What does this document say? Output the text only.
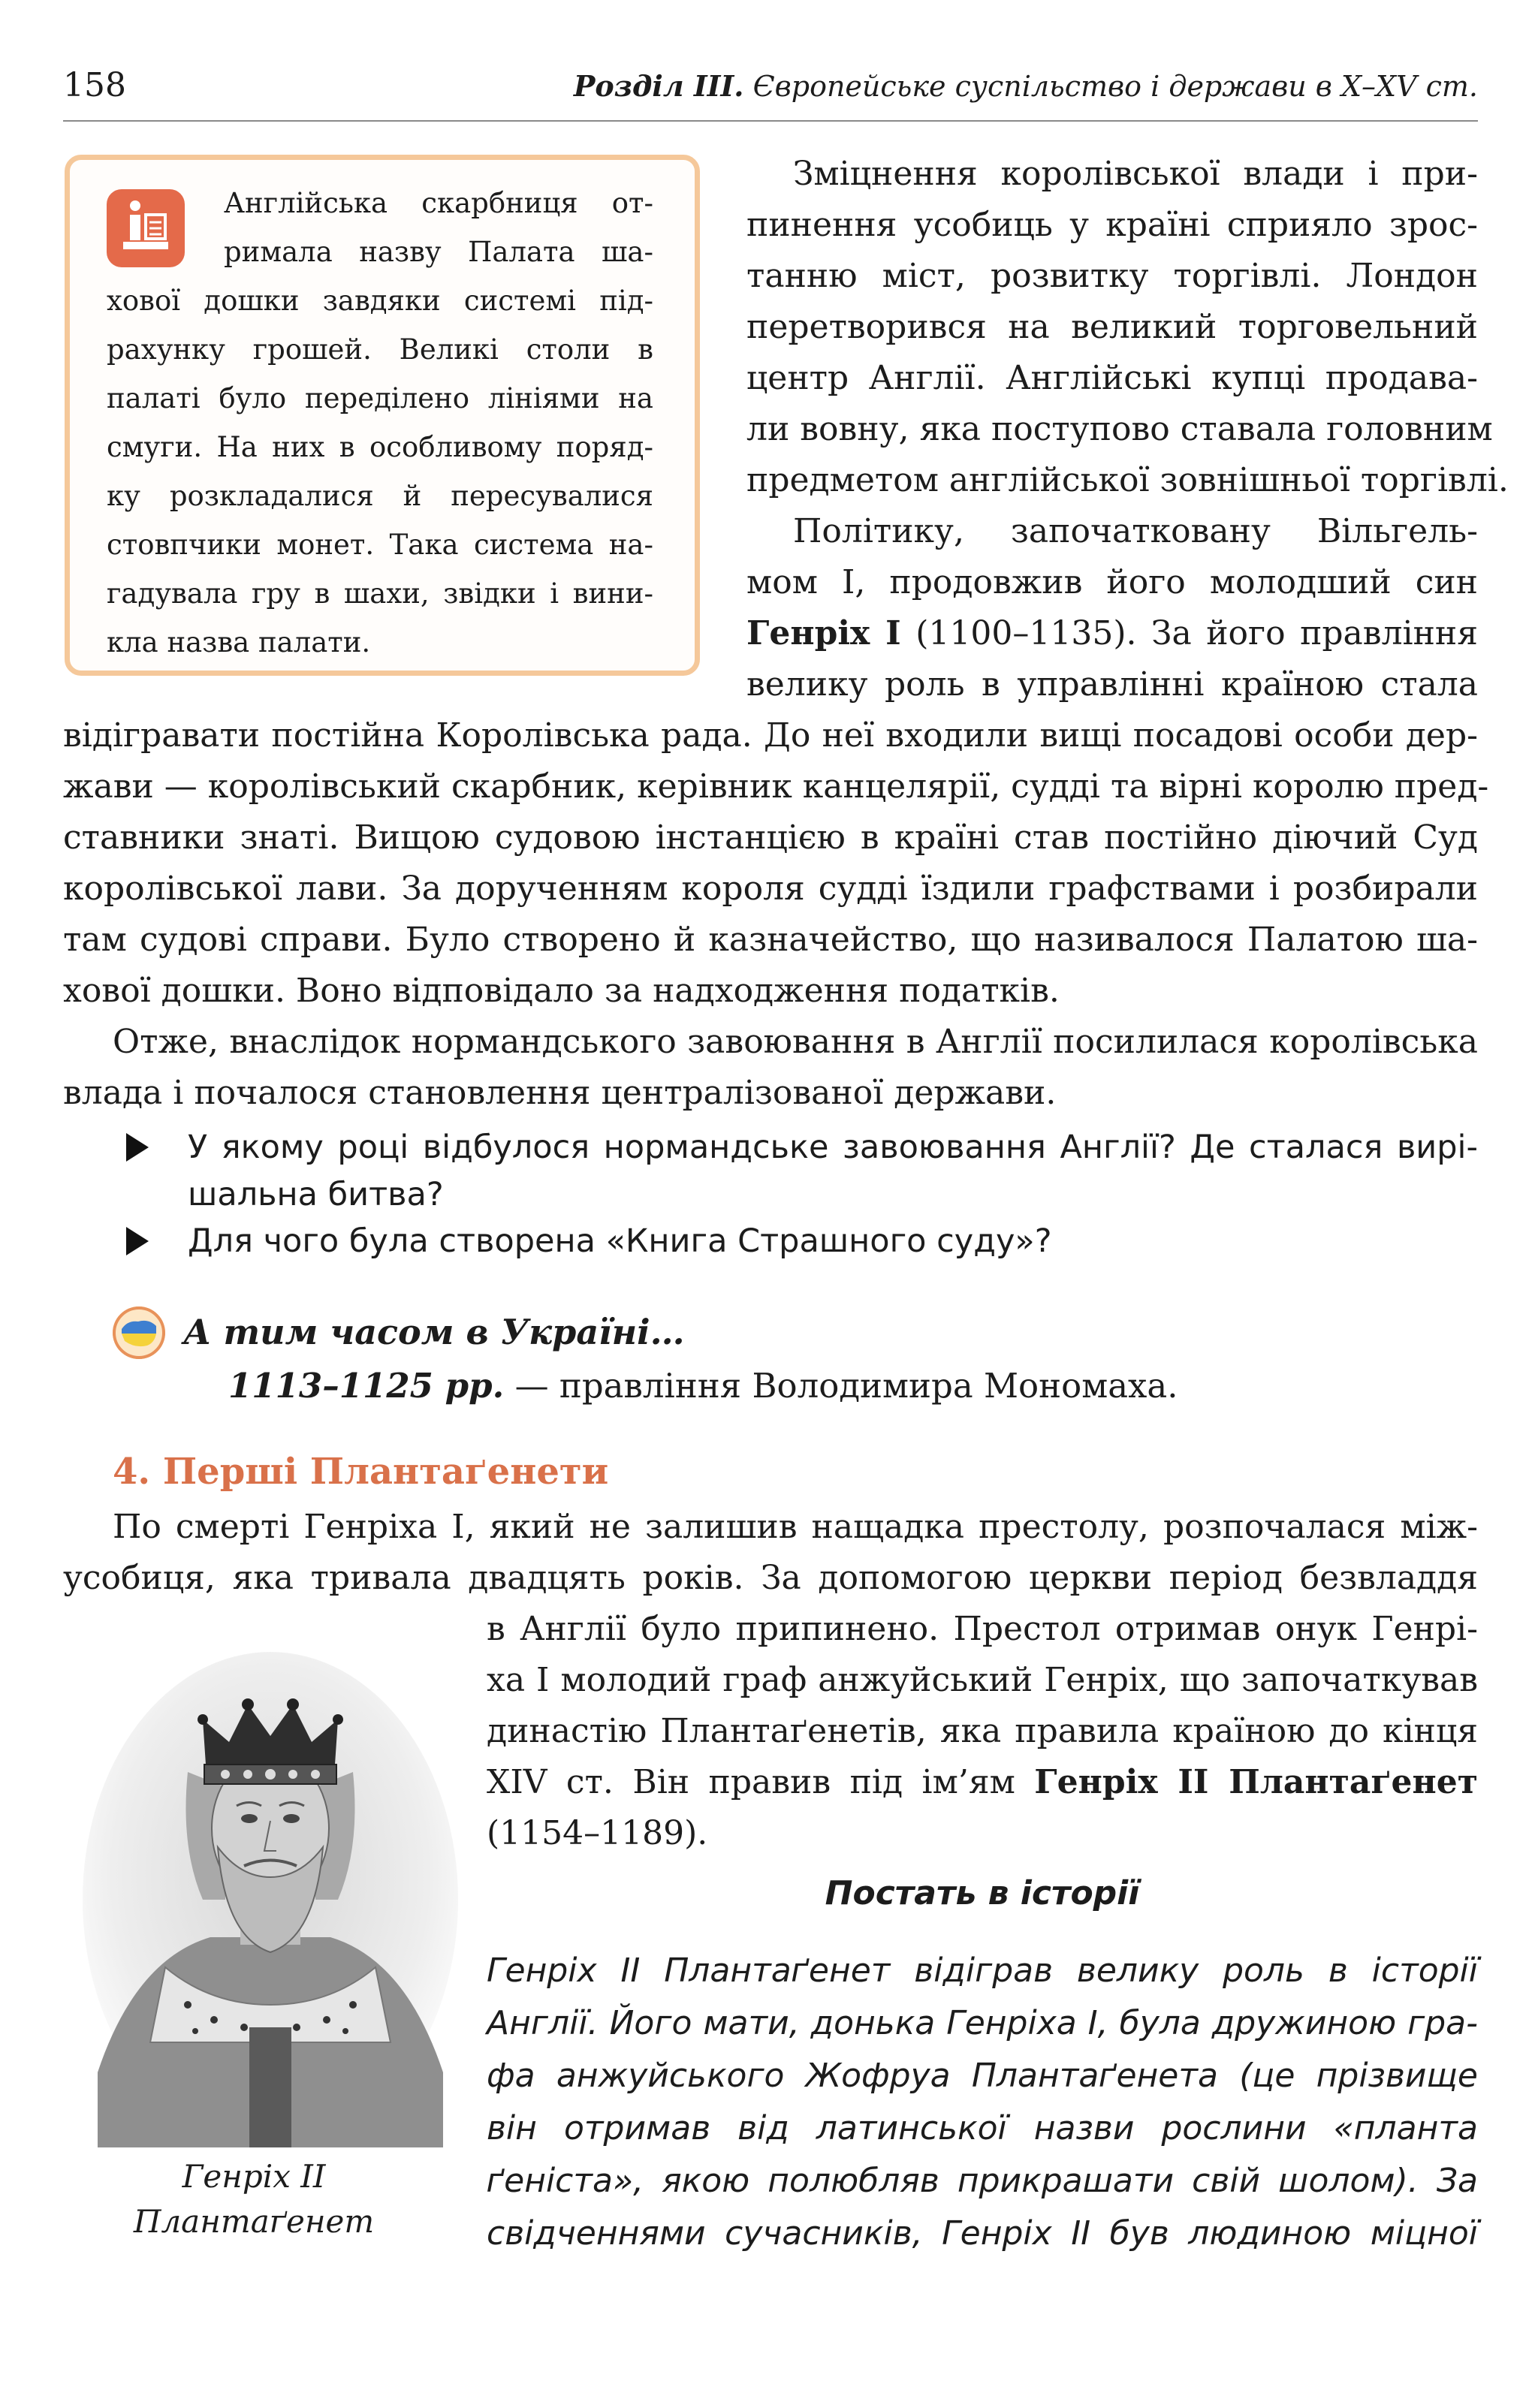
158	Розділ III. Європейське суспільство і держави в X–XV ст.
Англійська скарбниця от-
римала назву Палата ша-
хової дошки завдяки системі під-
рахунку грошей. Великі столи в
палаті було переділено лініями на
смуги. На них в особливому поряд-
ку розкладалися й пересувалися
стовпчики монет. Така система на-
гадувала гру в шахи, звідки і вини-
кла назва палати.
Зміцнення королівської влади і при-
пинення усобиць у країні сприяло зрос-
танню міст, розвитку торгівлі. Лондон
перетворився на великий торговельний
центр Англії. Англійські купці продава-
ли вовну, яка поступово ставала головним
предметом англійської зовнішньої торгівлі.
Політику, започатковану Вільгель-
мом І, продовжив його молодший син
Генріх І (1100–1135). За його правління
велику роль в управлінні країною стала
відігравати постійна Королівська рада. До неї входили вищі посадові особи дер-
жави — королівський скарбник, керівник канцелярії, судді та вірні королю пред-
ставники знаті. Вищою судовою інстанцією в країні став постійно діючий Суд
королівської лави. За дорученням короля судді їздили графствами і розбирали
там судові справи. Було створено й казначейство, що називалося Палатою ша-
хової дошки. Воно відповідало за надходження податків.
Отже, внаслідок нормандського завоювання в Англії посилилася королівська
влада і почалося становлення централізованої держави.
У якому році відбулося нормандське завоювання Англії? Де сталася вирі-
шальна битва?
Для чого була створена «Книга Страшного суду»?
А тим часом в Україні…
1113–1125 рр. — правління Володимира Мономаха.
4. Перші Плантаґенети
По смерті Генріха І, який не залишив нащадка престолу, розпочалася між-
усобиця, яка тривала двадцять років. За допомогою церкви період безвладдя
в Англії було припинено. Престол отримав онук Генрі-
ха І молодий граф анжуйський Генріх, що започаткував
династію Плантаґенетів, яка правила країною до кінця
XIV ст. Він правив під ім’ям Генріх II Плантаґенет
(1154–1189).
Генріх II
Плантаґенет
Постать в історії
Генріх II Плантаґенет відіграв велику роль в історії
Англії. Його мати, донька Генріха І, була дружиною гра-
фа анжуйського Жофруа Плантаґенета (це прізвище
він отримав від латинської назви рослини «планта
ґеніста», якою полюбляв прикрашати свій шолом). За
свідченнями сучасників, Генріх II був людиною міцної
